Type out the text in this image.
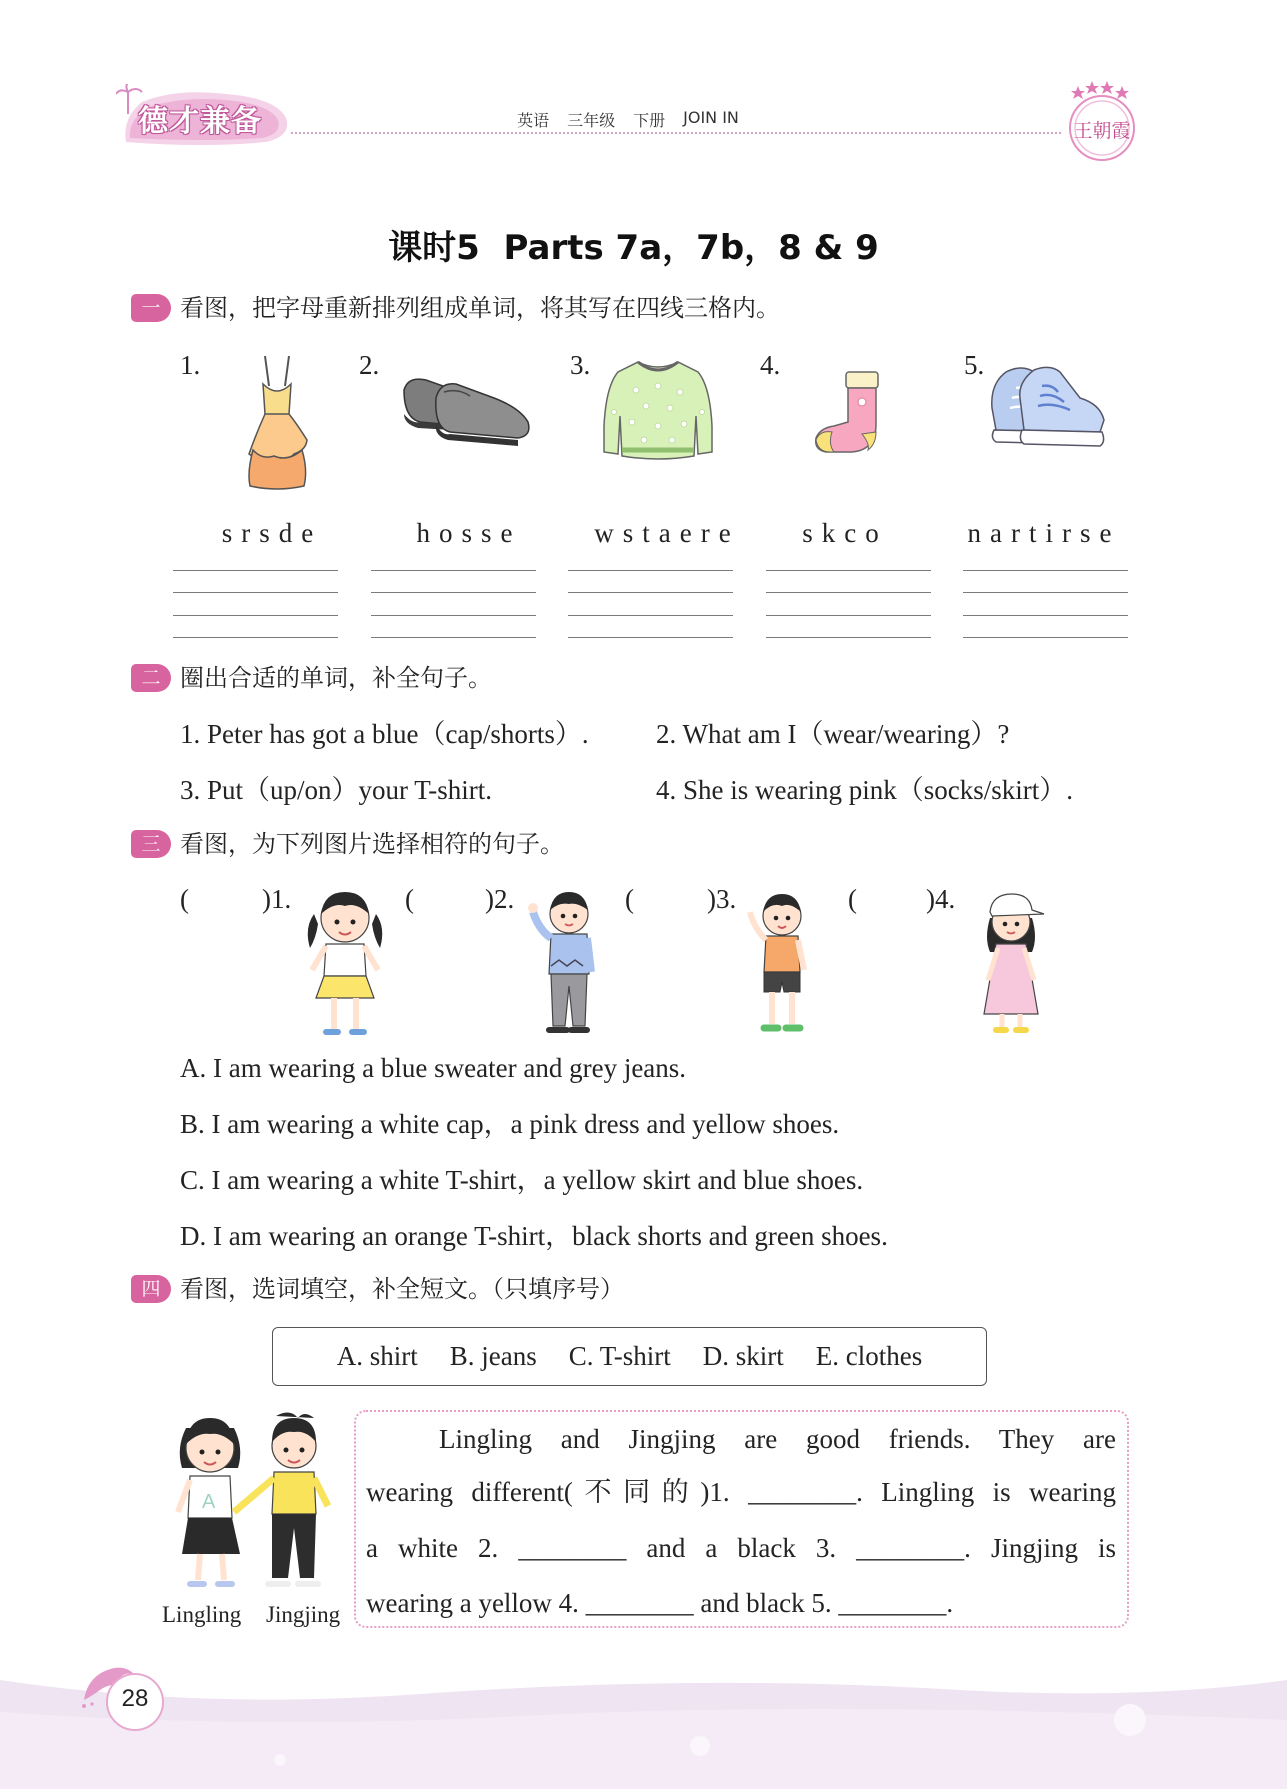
德才兼备	英语 三年级 下册 JOIN IN
王朝霞
课时5  Parts 7a，7b，8 & 9
一 看图，把字母重新排列组成单词，将其写在四线三格内。
1.	2.	3.	4.	5.
srsde	hosse	wstaere	skco	nartirse
二 圈出合适的单词，补全句子。
1. Peter has got a blue（cap/shorts）. 2. What am I（wear/wearing）?
3. Put（up/on）your T-shirt.	4. She is wearing pink（socks/skirt）.
三 看图，为下列图片选择相符的句子。
(	)1.	(	)2.	(	)3.	(	)4.
A. I am wearing a blue sweater and grey jeans.
B. I am wearing a white cap，a pink dress and yellow shoes.
C. I am wearing a white T-shirt，a yellow skirt and blue shoes.
D. I am wearing an orange T-shirt，black shorts and green shoes.
四 看图，选词填空，补全短文。（只填序号）
A. shirt B. jeans C. T-shirt D. skirt E. clothes
A
Lingling Jingjing
Lingling and Jingjing are good friends. They are
wearing different(不同的)1. ________. Lingling is wearing
a white 2. ________ and a black 3. ________. Jingjing is
wearing a yellow 4. ________ and black 5. ________.
28
